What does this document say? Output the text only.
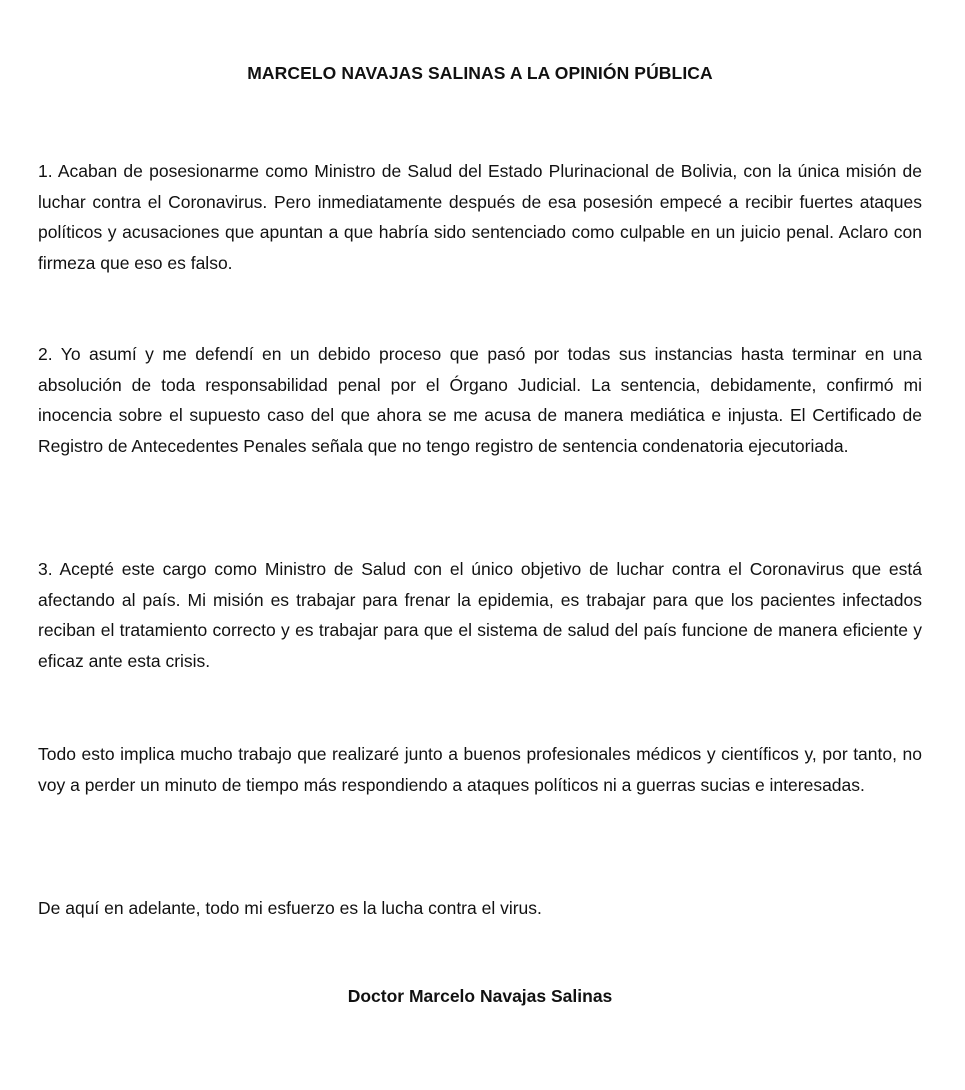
MARCELO NAVAJAS SALINAS A LA OPINIÓN PÚBLICA

1. Acaban de posesionarme como Ministro de Salud del Estado Plurinacional de Bolivia, con la única misión de luchar contra el Coronavirus. Pero inmediatamente después de esa posesión empecé a recibir fuertes ataques políticos y acusaciones que apuntan a que habría sido sentenciado como culpable en un juicio penal. Aclaro con firmeza que eso es falso.

2. Yo asumí y me defendí en un debido proceso que pasó por todas sus instancias hasta terminar en una absolución de toda responsabilidad penal por el Órgano Judicial. La sentencia, debidamente, confirmó mi inocencia sobre el supuesto caso del que ahora se me acusa de manera mediática e injusta. El Certificado de Registro de Antecedentes Penales señala que no tengo registro de sentencia condenatoria ejecutoriada.

3. Acepté este cargo como Ministro de Salud con el único objetivo de luchar contra el Coronavirus que está afectando al país. Mi misión es trabajar para frenar la epidemia, es trabajar para que los pacientes infectados reciban el tratamiento correcto y es trabajar para que el sistema de salud del país funcione de manera eficiente y eficaz ante esta crisis.

Todo esto implica mucho trabajo que realizaré junto a buenos profesionales médicos y científicos y, por tanto, no voy a perder un minuto de tiempo más respondiendo a ataques políticos ni a guerras sucias e interesadas.

De aquí en adelante, todo mi esfuerzo es la lucha contra el virus.

Doctor Marcelo Navajas Salinas
